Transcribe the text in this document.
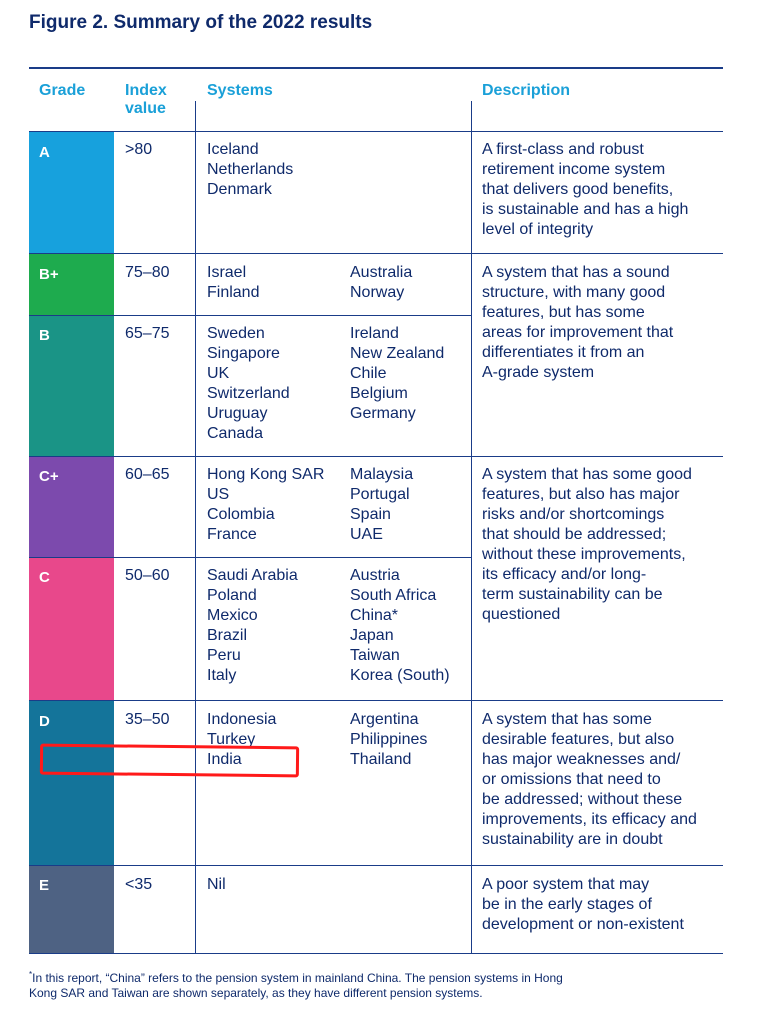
Figure 2. Summary of the 2022 results
Grade Index
value
Systems	Description
A
B+
B
C+
C
D
E
>80
75–80
65–75
60–65
50–60
35–50
<35
Iceland
Netherlands
Denmark
Israel
Finland
Australia
Norway
Sweden
Singapore
UK
Switzerland
Uruguay
Canada
Ireland
New Zealand
Chile
Belgium
Germany
Hong Kong SAR
US
Colombia
France
Malaysia
Portugal
Spain
UAE
Saudi Arabia
Poland
Mexico
Brazil
Peru
Italy
Austria
South Africa
China*
Japan
Taiwan
Korea (South)
Indonesia
Turkey
India
Argentina
Philippines
Thailand
Nil
A first-class and robust
retirement income system
that delivers good benefits,
is sustainable and has a high
level of integrity
A system that has a sound
structure, with many good
features, but has some
areas for improvement that
differentiates it from an
A-grade system
A system that has some good
features, but also has major
risks and/or shortcomings
that should be addressed;
without these improvements,
its efficacy and/or long-
term sustainability can be
questioned
A system that has some
desirable features, but also
has major weaknesses and/
or omissions that need to
be addressed; without these
improvements, its efficacy and
sustainability are in doubt
A poor system that may
be in the early stages of
development or non-existent
*In this report, “China” refers to the pension system in mainland China. The pension systems in Hong Kong SAR and Taiwan are shown separately, as they have different pension systems.
